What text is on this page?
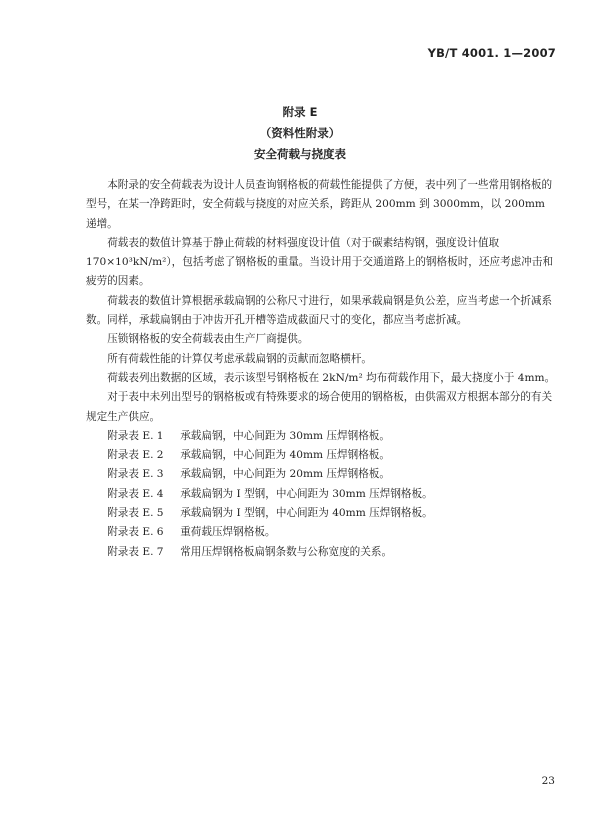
YB/T 4001. 1—2007
附录 E
（资料性附录）
安全荷载与挠度表

本附录的安全荷载表为设计人员查询钢格板的荷载性能提供了方便，表中列了一些常用钢格板的型号，在某一净跨距时，安全荷载与挠度的对应关系，跨距从 200mm 到 3000mm，以 200mm 递增。

荷载表的数值计算基于静止荷载的材料强度设计值（对于碳素结构钢，强度设计值取 170×10³kN/m²），包括考虑了钢格板的重量。当设计用于交通道路上的钢格板时，还应考虑冲击和疲劳的因素。

荷载表的数值计算根据承载扁钢的公称尺寸进行，如果承载扁钢是负公差，应当考虑一个折减系数。同样，承载扁钢由于冲齿开孔开槽等造成截面尺寸的变化，都应当考虑折减。

压锁钢格板的安全荷载表由生产厂商提供。

所有荷载性能的计算仅考虑承载扁钢的贡献而忽略横杆。

荷载表列出数据的区域，表示该型号钢格板在 2kN/m² 均布荷载作用下，最大挠度小于 4mm。

对于表中未列出型号的钢格板或有特殊要求的场合使用的钢格板，由供需双方根据本部分的有关规定生产供应。

附录表 E. 1 承载扁钢，中心间距为 30mm 压焊钢格板。
附录表 E. 2 承载扁钢，中心间距为 40mm 压焊钢格板。
附录表 E. 3 承载扁钢，中心间距为 20mm 压焊钢格板。
附录表 E. 4 承载扁钢为 I 型钢，中心间距为 30mm 压焊钢格板。
附录表 E. 5 承载扁钢为 I 型钢，中心间距为 40mm 压焊钢格板。
附录表 E. 6 重荷载压焊钢格板。
附录表 E. 7 常用压焊钢格板扁钢条数与公称宽度的关系。
23
